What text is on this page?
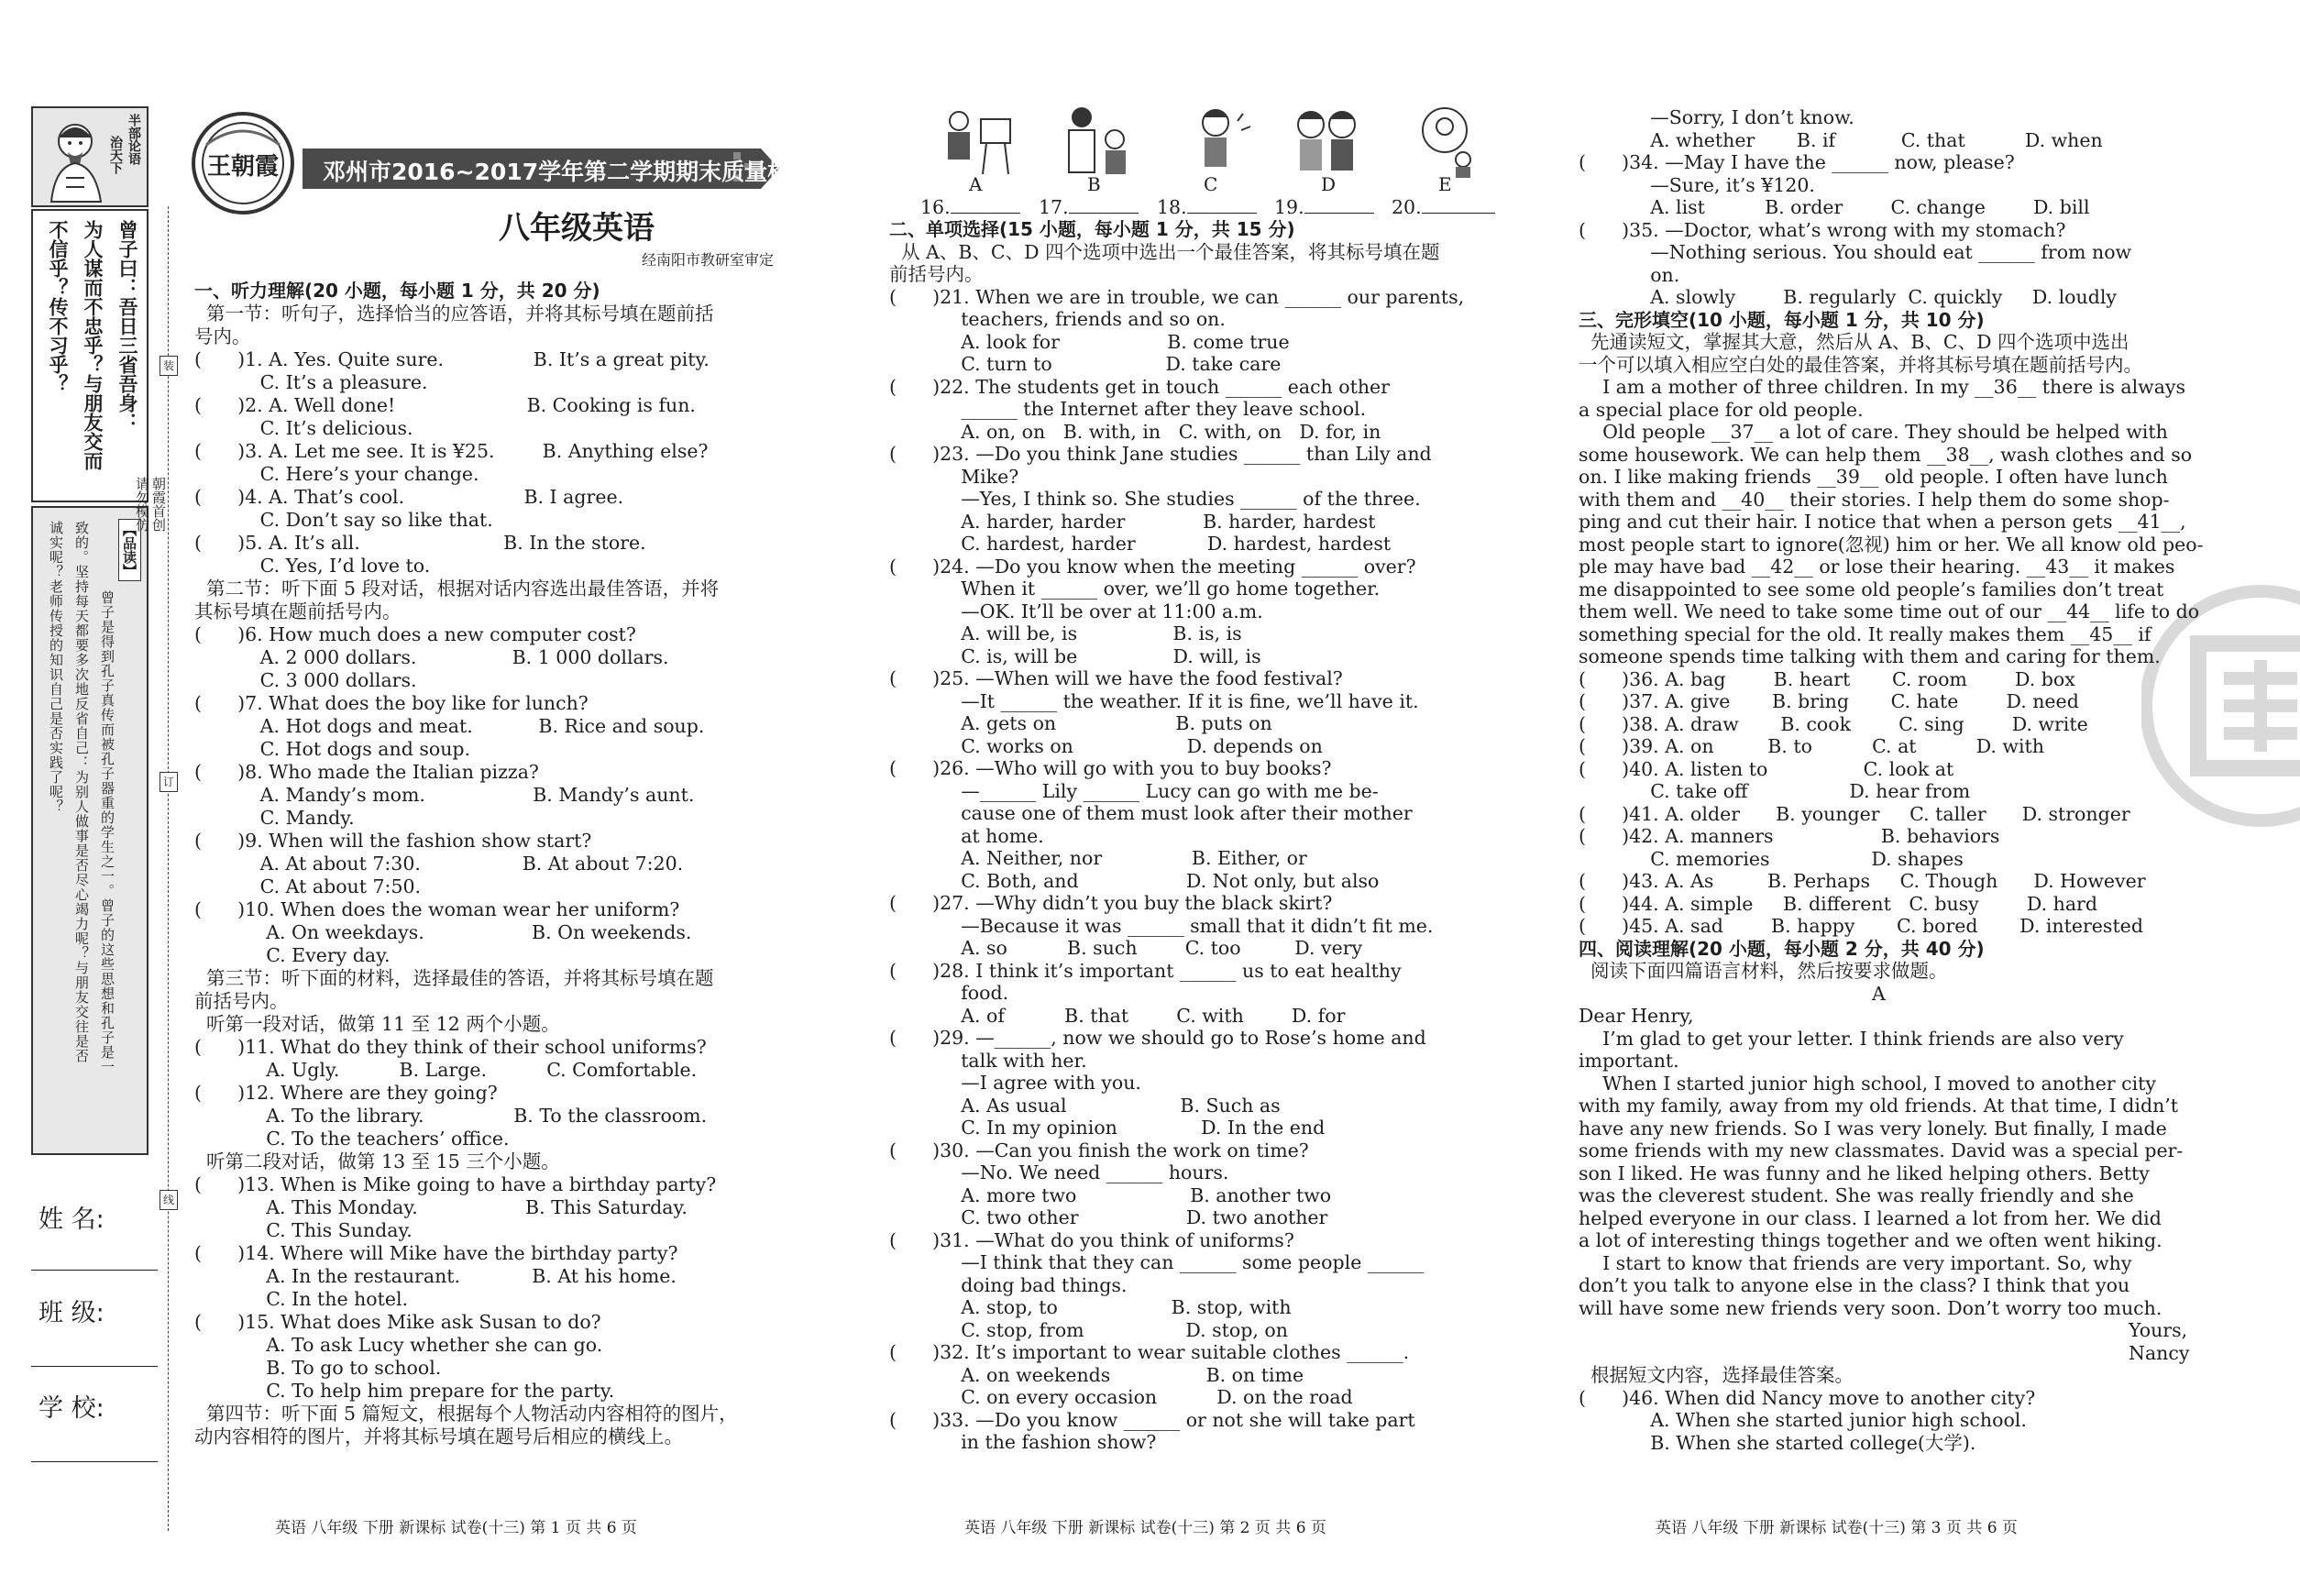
半部论语
治天下
曾子曰：吾日三省吾身：
为人谋而不忠乎？与朋友交而
不信乎？传不习乎？
【品读】
曾子是得到孔子真传而被孔子器重的学生之一。曾子的这些思想和孔子是一
致的。坚持每天都要多次地反省自己：为别人做事是否尽心竭力呢？与朋友交往是否
诚实呢？老师传授的知识自己是否实践了呢？
姓 名:
班 级:
学 校:
装
订
线
朝霞首创
请勿模仿
王朝霞 邓州市2016~2017学年第二学期期末质量检测卷
八年级英语
经南阳市教研室审定
一、听力理解(20 小题，每小题 1 分，共 20 分)
第一节：听句子，选择恰当的应答语，并将其标号填在题前括
号内。
(      )1. A. Yes. Quite sure.               B. It’s a great pity.
C. It’s a pleasure.
(      )2. A. Well done!                      B. Cooking is fun.
C. It’s delicious.
(      )3. A. Let me see. It is ¥25.        B. Anything else?
C. Here’s your change.
(      )4. A. That’s cool.                    B. I agree.
C. Don’t say so like that.
(      )5. A. It’s all.                        B. In the store.
C. Yes, I’d love to.
第二节：听下面 5 段对话，根据对话内容选出最佳答语，并将
其标号填在题前括号内。
(      )6. How much does a new computer cost?
A. 2 000 dollars.                B. 1 000 dollars.
C. 3 000 dollars.
(      )7. What does the boy like for lunch?
A. Hot dogs and meat.           B. Rice and soup.
C. Hot dogs and soup.
(      )8. Who made the Italian pizza?
A. Mandy’s mom.                  B. Mandy’s aunt.
C. Mandy.
(      )9. When will the fashion show start?
A. At about 7:30.                 B. At about 7:20.
C. At about 7:50.
(      )10. When does the woman wear her uniform?
A. On weekdays.                  B. On weekends.
C. Every day.
第三节：听下面的材料，选择最佳的答语，并将其标号填在题
前括号内。
听第一段对话，做第 11 至 12 两个小题。
(      )11. What do they think of their school uniforms?
A. Ugly.          B. Large.          C. Comfortable.
(      )12. Where are they going?
A. To the library.               B. To the classroom.
C. To the teachers’ office.
听第二段对话，做第 13 至 15 三个小题。
(      )13. When is Mike going to have a birthday party?
A. This Monday.                  B. This Saturday.
C. This Sunday.
(      )14. Where will Mike have the birthday party?
A. In the restaurant.            B. At his home.
C. In the hotel.
(      )15. What does Mike ask Susan to do?
A. To ask Lucy whether she can go.
B. To go to school.
C. To help him prepare for the party.
第四节：听下面 5 篇短文，根据每个人物活动内容相符的图片，
动内容相符的图片，并将其标号填在题号后相应的横线上。
英语 八年级 下册 新课标 试卷(十三) 第 1 页 共 6 页
A	B	C	D	E
16.	17.	18.	19.	20.
二、单项选择(15 小题，每小题 1 分，共 15 分)
从 A、B、C、D 四个选项中选出一个最佳答案，将其标号填在题
前括号内。
(      )21. When we are in trouble, we can ______ our parents,
teachers, friends and so on.
A. look for                  B. come true
C. turn to                   D. take care
(      )22. The students get in touch ______ each other
______ the Internet after they leave school.
A. on, on   B. with, in   C. with, on   D. for, in
(      )23. —Do you think Jane studies ______ than Lily and
Mike?
—Yes, I think so. She studies ______ of the three.
A. harder, harder             B. harder, hardest
C. hardest, harder            D. hardest, hardest
(      )24. —Do you know when the meeting ______ over?
When it ______ over, we’ll go home together.
—OK. It’ll be over at 11:00 a.m.
A. will be, is                B. is, is
C. is, will be                D. will, is
(      )25. —When will we have the food festival?
—It ______ the weather. If it is fine, we’ll have it.
A. gets on                    B. puts on
C. works on                   D. depends on
(      )26. —Who will go with you to buy books?
—______ Lily ______ Lucy can go with me be-
cause one of them must look after their mother
at home.
A. Neither, nor               B. Either, or
C. Both, and                  D. Not only, but also
(      )27. —Why didn’t you buy the black skirt?
—Because it was ______ small that it didn’t fit me.
A. so          B. such        C. too         D. very
(      )28. I think it’s important ______ us to eat healthy
food.
A. of          B. that        C. with        D. for
(      )29. —______, now we should go to Rose’s home and
talk with her.
—I agree with you.
A. As usual                   B. Such as
C. In my opinion              D. In the end
(      )30. —Can you finish the work on time?
—No. We need ______ hours.
A. more two                   B. another two
C. two other                  D. two another
(      )31. —What do you think of uniforms?
—I think that they can ______ some people ______
doing bad things.
A. stop, to                   B. stop, with
C. stop, from                 D. stop, on
(      )32. It’s important to wear suitable clothes ______.
A. on weekends                B. on time
C. on every occasion          D. on the road
(      )33. —Do you know ______ or not she will take part
in the fashion show?
英语 八年级 下册 新课标 试卷(十三) 第 2 页 共 6 页
—Sorry, I don’t know.
A. whether       B. if           C. that          D. when
(      )34. —May I have the ______ now, please?
—Sure, it’s ¥120.
A. list          B. order        C. change        D. bill
(      )35. —Doctor, what’s wrong with my stomach?
—Nothing serious. You should eat ______ from now
on.
A. slowly        B. regularly  C. quickly     D. loudly
三、完形填空(10 小题，每小题 1 分，共 10 分)
先通读短文，掌握其大意，然后从 A、B、C、D 四个选项中选出
一个可以填入相应空白处的最佳答案，并将其标号填在题前括号内。
I am a mother of three children. In my __36__ there is always
a special place for old people.
Old people __37__ a lot of care. They should be helped with
some housework. We can help them __38__, wash clothes and so
on. I like making friends __39__ old people. I often have lunch
with them and __40__ their stories. I help them do some shop-
ping and cut their hair. I notice that when a person gets __41__,
most people start to ignore(忽视) him or her. We all know old peo-
ple may have bad __42__ or lose their hearing. __43__ it makes
me disappointed to see some old people’s families don’t treat
them well. We need to take some time out of our __44__ life to do
something special for the old. It really makes them __45__ if
someone spends time talking with them and caring for them.
(      )36. A. bag        B. heart       C. room        D. box
(      )37. A. give       B. bring       C. hate        D. need
(      )38. A. draw       B. cook        C. sing        D. write
(      )39. A. on         B. to          C. at          D. with
(      )40. A. listen to                C. look at
C. take off                 D. hear from
(      )41. A. older      B. younger     C. taller      D. stronger
(      )42. A. manners                  B. behaviors
C. memories                 D. shapes
(      )43. A. As         B. Perhaps     C. Though      D. However
(      )44. A. simple     B. different   C. busy        D. hard
(      )45. A. sad        B. happy       C. bored       D. interested
四、阅读理解(20 小题，每小题 2 分，共 40 分)
阅读下面四篇语言材料，然后按要求做题。
A
Dear Henry,
I’m glad to get your letter. I think friends are also very
important.
When I started junior high school, I moved to another city
with my family, away from my old friends. At that time, I didn’t
have any new friends. So I was very lonely. But finally, I made
some friends with my new classmates. David was a special per-
son I liked. He was funny and he liked helping others. Betty
was the cleverest student. She was really friendly and she
helped everyone in our class. I learned a lot from her. We did
a lot of interesting things together and we often went hiking.
I start to know that friends are very important. So, why
don’t you talk to anyone else in the class? I think that you
will have some new friends very soon. Don’t worry too much.
Yours,
Nancy
根据短文内容，选择最佳答案。
(      )46. When did Nancy move to another city?
A. When she started junior high school.
B. When she started college(大学).
英语 八年级 下册 新课标 试卷(十三) 第 3 页 共 6 页
